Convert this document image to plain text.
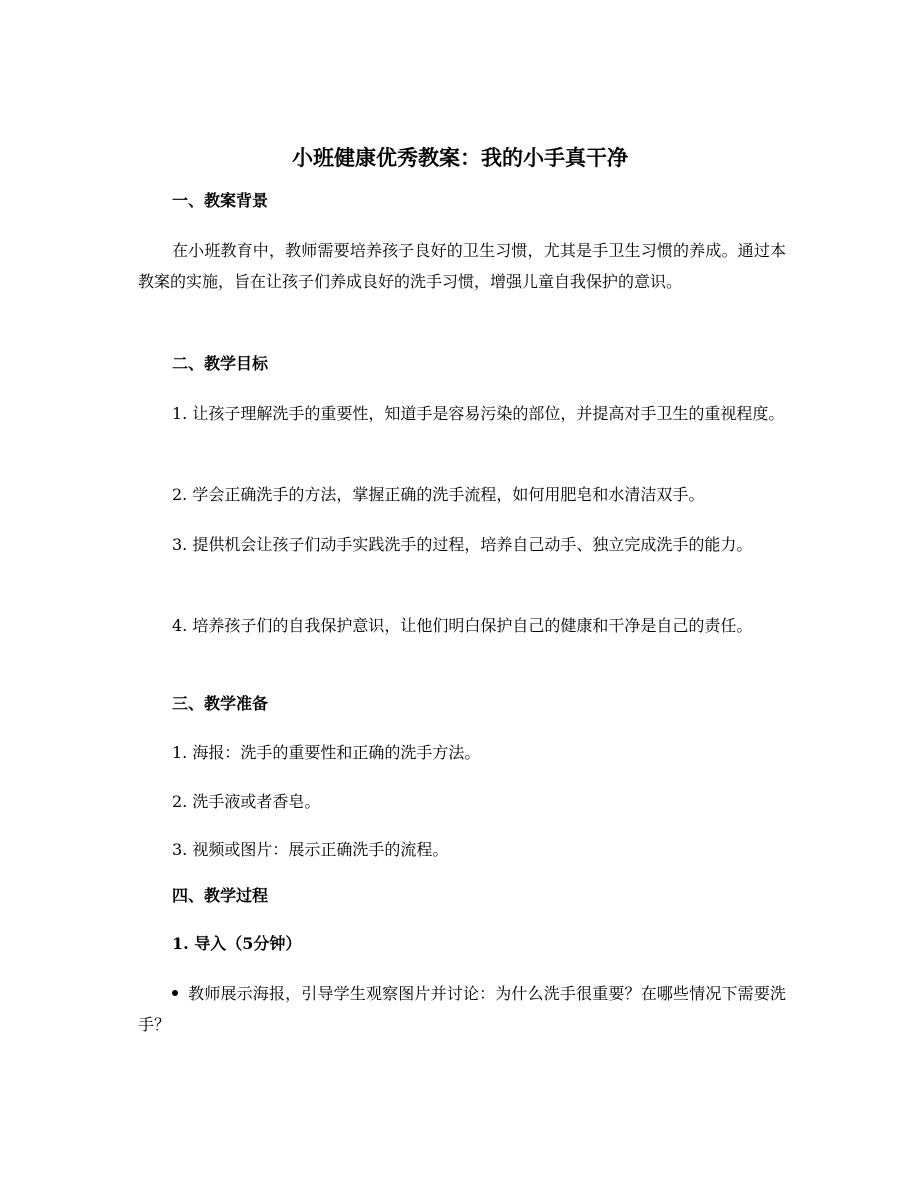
小班健康优秀教案：我的小手真干净
一、教案背景
在小班教育中，教师需要培养孩子良好的卫生习惯，尤其是手卫生习惯的养成。通过本教案的实施，旨在让孩子们养成良好的洗手习惯，增强儿童自我保护的意识。
二、教学目标
1. 让孩子理解洗手的重要性，知道手是容易污染的部位，并提高对手卫生的重视程度。
2. 学会正确洗手的方法，掌握正确的洗手流程，如何用肥皂和水清洁双手。
3. 提供机会让孩子们动手实践洗手的过程，培养自己动手、独立完成洗手的能力。
4. 培养孩子们的自我保护意识，让他们明白保护自己的健康和干净是自己的责任。
三、教学准备
1. 海报：洗手的重要性和正确的洗手方法。
2. 洗手液或者香皂。
3. 视频或图片：展示正确洗手的流程。
四、教学过程
1. 导入（5分钟）
教师展示海报，引导学生观察图片并讨论：为什么洗手很重要？在哪些情况下需要洗手？
